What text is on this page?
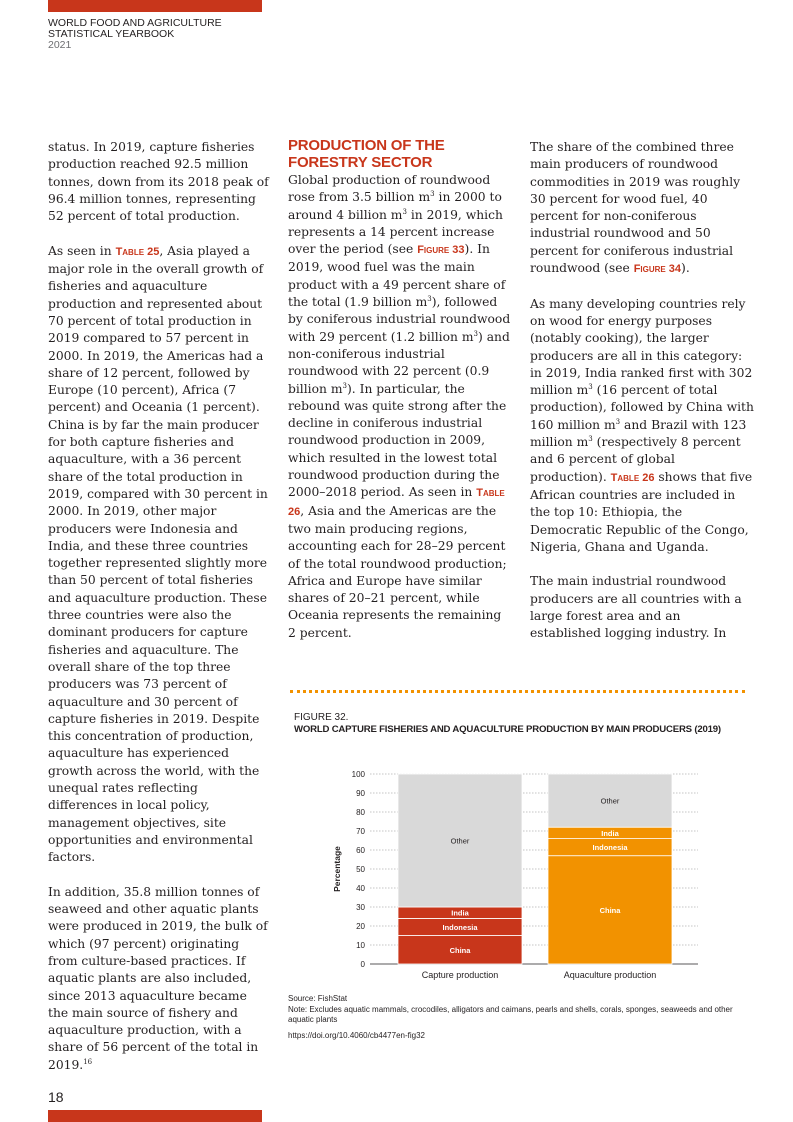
WORLD FOOD AND AGRICULTURE
STATISTICAL YEARBOOK
2021

status. In 2019, capture fisheries production reached 92.5 million tonnes, down from its 2018 peak of 96.4 million tonnes, representing 52 percent of total production.

As seen in Table 25, Asia played a major role in the overall growth of fisheries and aquaculture production and represented about 70 percent of total production in 2019 compared to 57 percent in 2000. In 2019, the Americas had a share of 12 percent, followed by Europe (10 percent), Africa (7 percent) and Oceania (1 percent). China is by far the main producer for both capture fisheries and aquaculture, with a 36 percent share of the total production in 2019, compared with 30 percent in 2000. In 2019, other major producers were Indonesia and India, and these three countries together represented slightly more than 50 percent of total fisheries and aquaculture production. These three countries were also the dominant producers for capture fisheries and aquaculture. The overall share of the top three producers was 73 percent of aquaculture and 30 percent of capture fisheries in 2019. Despite this concentration of production, aquaculture has experienced growth across the world, with the unequal rates reflecting differences in local policy, management objectives, site opportunities and environmental factors.

In addition, 35.8 million tonnes of seaweed and other aquatic plants were produced in 2019, the bulk of which (97 percent) originating from culture-based practices. If aquatic plants are also included, since 2013 aquaculture became the main source of fishery and aquaculture production, with a share of 56 percent of the total in 2019.16

PRODUCTION OF THE FORESTRY SECTOR

Global production of roundwood rose from 3.5 billion $m^3$ in 2000 to around 4 billion $m^3$ in 2019, which represents a 14 percent increase over the period (see Figure 33). In 2019, wood fuel was the main product with a 49 percent share of the total (1.9 billion $m^3$), followed by coniferous industrial roundwood with 29 percent (1.2 billion $m^3$) and non-coniferous industrial roundwood with 22 percent (0.9 billion $m^3$). In particular, the rebound was quite strong after the decline in coniferous industrial roundwood production in 2009, which resulted in the lowest total roundwood production during the 2000–2018 period. As seen in Table 26, Asia and the Americas are the two main producing regions, accounting each for 28–29 percent of the total roundwood production; Africa and Europe have similar shares of 20–21 percent, while Oceania represents the remaining 2 percent.

The share of the combined three main producers of roundwood commodities in 2019 was roughly 30 percent for wood fuel, 40 percent for non-coniferous industrial roundwood and 50 percent for coniferous industrial roundwood (see Figure 34).

As many developing countries rely on wood for energy purposes (notably cooking), the larger producers are all in this category: in 2019, India ranked first with 302 million $m^3$ (16 percent of total production), followed by China with 160 million $m^3$ and Brazil with 123 million $m^3$ (respectively 8 percent and 6 percent of global production). Table 26 shows that five African countries are included in the top 10: Ethiopia, the Democratic Republic of the Congo, Nigeria, Ghana and Uganda.

The main industrial roundwood producers are all countries with a large forest area and an established logging industry. In

FIGURE 32.
WORLD CAPTURE FISHERIES AND AQUACULTURE PRODUCTION BY MAIN PRODUCERS (2019)
0
10
20
30
40
50
60
70
80
90
100
Percentage
China
Indonesia
India
Other
Capture production
China
Indonesia
India
Other
Aquaculture production

Source: FishStat

Note: Excludes aquatic mammals, crocodiles, alligators and caimans, pearls and shells, corals, sponges, seaweeds and other aquatic plants

https://doi.org/10.4060/cb4477en-fig32

18
